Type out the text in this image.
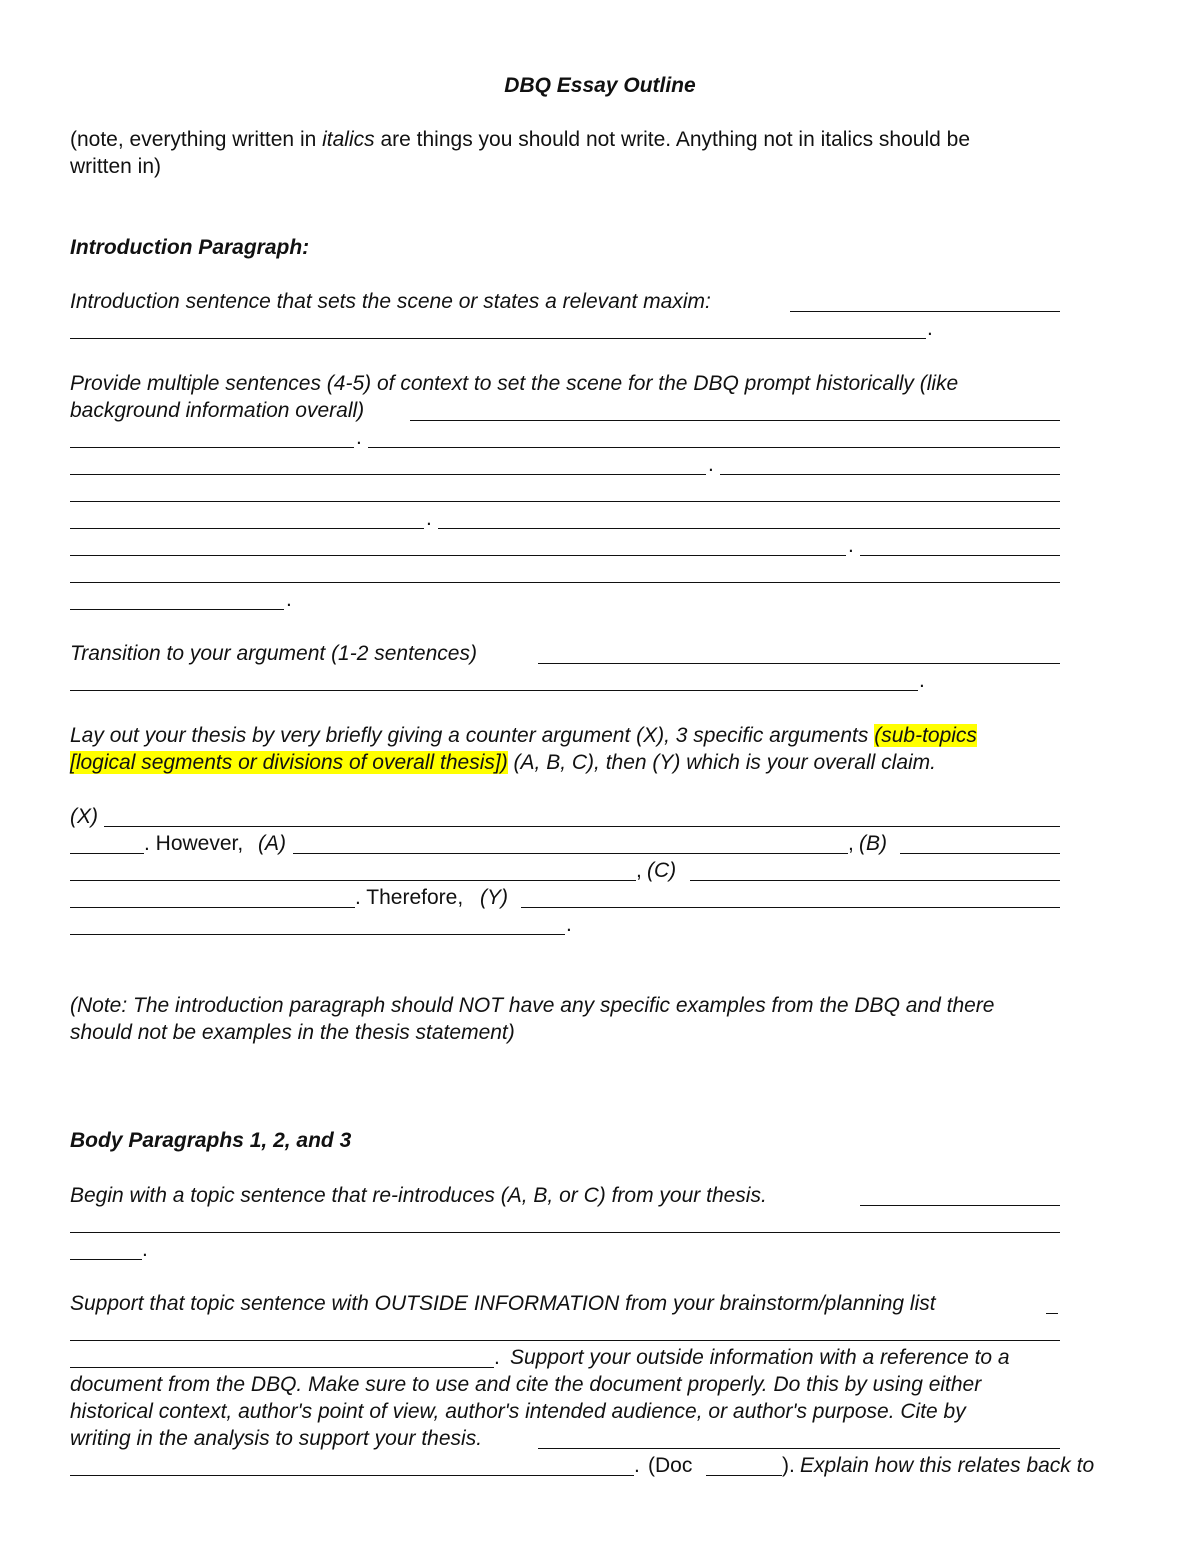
DBQ Essay Outline
(note, everything written in italics are things you should not write. Anything not in italics should be
written in)
Introduction Paragraph:
Introduction sentence that sets the scene or states a relevant maxim:
.
Provide multiple sentences (4-5) of context to set the scene for the DBQ prompt historically (like
background information overall)
.
.
.
.
.
Transition to your argument (1-2 sentences)
.
Lay out your thesis by very briefly giving a counter argument (X), 3 specific arguments (sub-topics
[logical segments or divisions of overall thesis]) (A, B, C), then (Y) which is your overall claim.
(X)
. However, (A)	, (B)
, (C)
. Therefore, (Y)
.
(Note: The introduction paragraph should NOT have any specific examples from the DBQ and there
should not be examples in the thesis statement)
Body Paragraphs 1, 2, and 3
Begin with a topic sentence that re-introduces (A, B, or C) from your thesis.
.
Support that topic sentence with OUTSIDE INFORMATION from your brainstorm/planning list
. Support your outside information with a reference to a
document from the DBQ. Make sure to use and cite the document properly. Do this by using either
historical context, author's point of view, author's intended audience, or author's purpose. Cite by
writing in the analysis to support your thesis.
. (Doc	). Explain how this relates back to
